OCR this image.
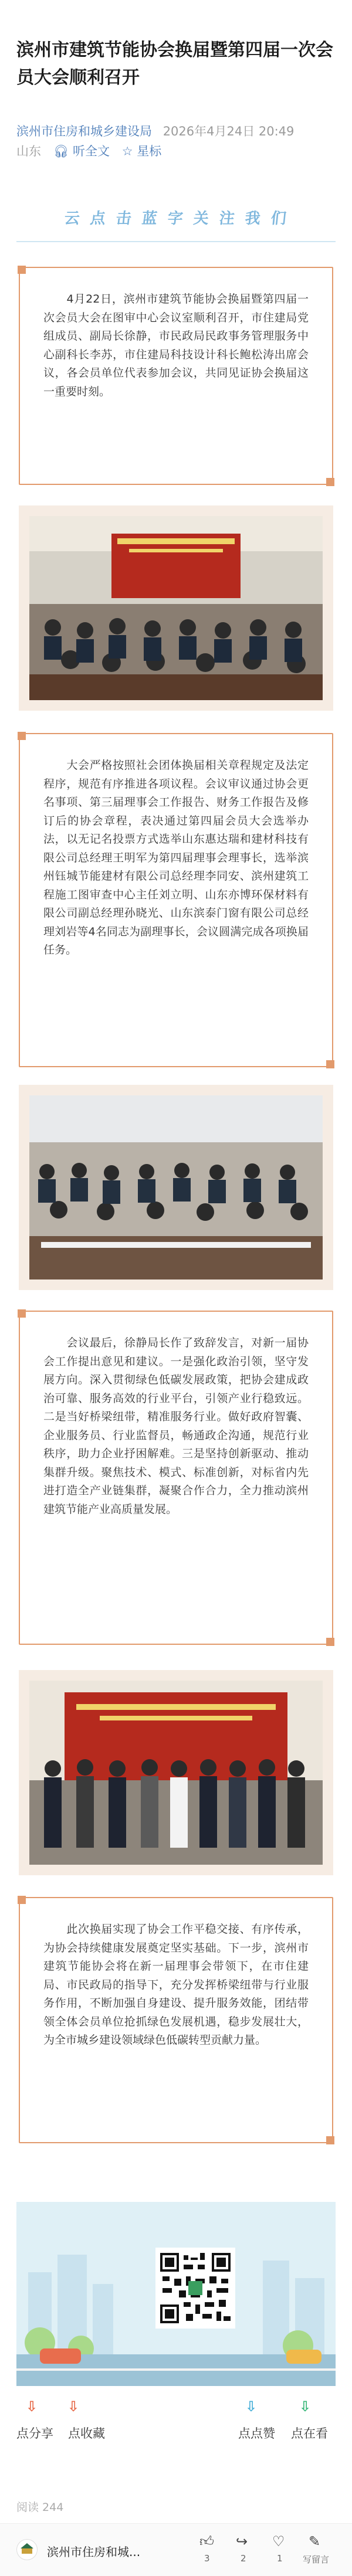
滨州市建筑节能协会换届暨第四届一次会员大会顺利召开
滨州市住房和城乡建设局 2026年4月24日 20:49
山东 🎧︎ 听全文 ☆ 星标
云 点 击 蓝 字 关 注 我 们
　　4月22日，滨州市建筑节能协会换届暨第四届一次会员大会在图审中心会议室顺利召开，市住建局党组成员、副局长徐静，市民政局民政事务管理服务中心副科长李苏，市住建局科技设计科长鲍松涛出席会议，各会员单位代表参加会议，共同见证协会换届这一重要时刻。
　　大会严格按照社会团体换届相关章程规定及法定程序，规范有序推进各项议程。会议审议通过协会更名事项、第三届理事会工作报告、财务工作报告及修订后的协会章程，表决通过第四届会员大会选举办法，以无记名投票方式选举山东惠达瑞和建材科技有限公司总经理王明军为第四届理事会理事长，选举滨州钰城节能建材有限公司总经理李同安、滨州建筑工程施工图审查中心主任刘立明、山东亦博环保材料有限公司副总经理孙晓光、山东滨泰门窗有限公司总经理刘岩等4名同志为副理事长，会议圆满完成各项换届任务。
　　会议最后，徐静局长作了致辞发言，对新一届协会工作提出意见和建议。一是强化政治引领，坚守发展方向。深入贯彻绿色低碳发展政策，把协会建成政治可靠、服务高效的行业平台，引领产业行稳致远。二是当好桥梁纽带，精准服务行业。做好政府智囊、企业服务员、行业监督员，畅通政企沟通，规范行业秩序，助力企业抒困解难。三是坚持创新驱动、推动集群升级。聚焦技术、模式、标准创新，对标省内先进打造全产业链集群，凝聚合作合力，全力推动滨州建筑节能产业高质量发展。
　　此次换届实现了协会工作平稳交接、有序传承，为协会持续健康发展奠定坚实基础。下一步，滨州市建筑节能协会将在新一届理事会带领下，在市住建局、市民政局的指导下，充分发挥桥梁纽带与行业服务作用，不断加强自身建设、提升服务效能，团结带领全体会员单位抢抓绿色发展机遇，稳步发展壮大，为全市城乡建设领域绿色低碳转型贡献力量。
⇩ ⇩	⇩	⇩
点分享 点收藏	点点赞 点在看
阅读 244
滨州市住房和城...
👍︎
3
↪
2
♡
1
✎
写留言
